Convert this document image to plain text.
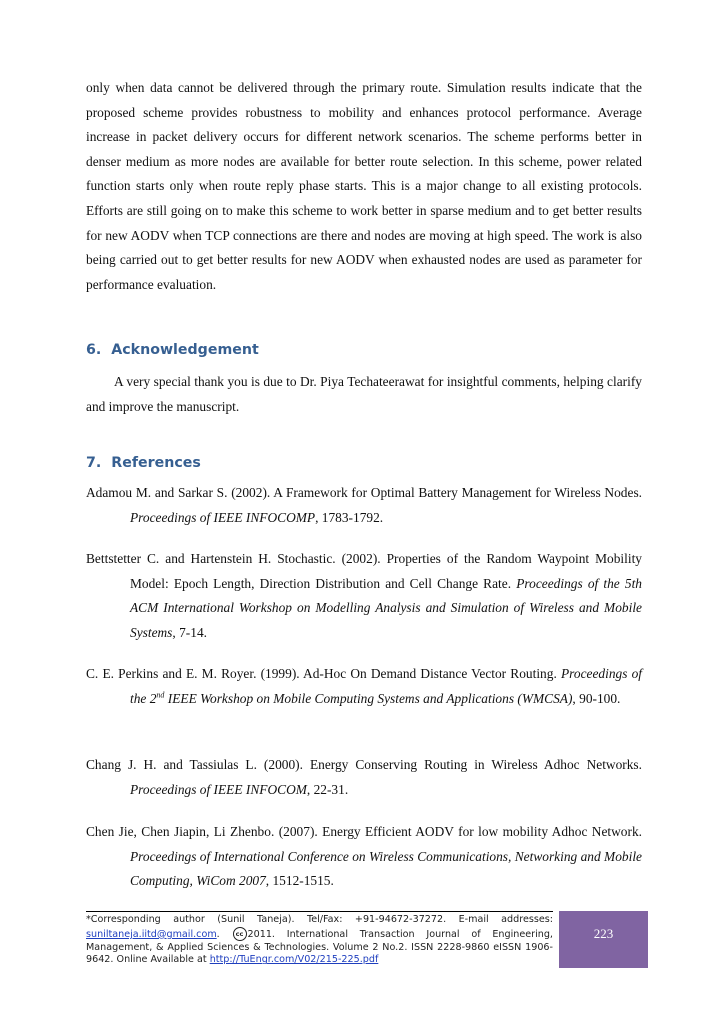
only when data cannot be delivered through the primary route. Simulation results indicate that the proposed scheme provides robustness to mobility and enhances protocol performance. Average increase in packet delivery occurs for different network scenarios. The scheme performs better in denser medium as more nodes are available for better route selection. In this scheme, power related function starts only when route reply phase starts. This is a major change to all existing protocols. Efforts are still going on to make this scheme to work better in sparse medium and to get better results for new AODV when TCP connections are there and nodes are moving at high speed. The work is also being carried out to get better results for new AODV when exhausted nodes are used as parameter for performance evaluation.

6. Acknowledgement

A very special thank you is due to Dr. Piya Techateerawat for insightful comments, helping clarify and improve the manuscript.

7. References

Adamou M. and Sarkar S. (2002). A Framework for Optimal Battery Management for Wireless Nodes. Proceedings of IEEE INFOCOMP, 1783-1792.

Bettstetter C. and Hartenstein H. Stochastic. (2002). Properties of the Random Waypoint Mobility Model: Epoch Length, Direction Distribution and Cell Change Rate. Proceedings of the 5th ACM International Workshop on Modelling Analysis and Simulation of Wireless and Mobile Systems, 7-14.

C. E. Perkins and E. M. Royer. (1999). Ad-Hoc On Demand Distance Vector Routing. Proceedings of the 2nd IEEE Workshop on Mobile Computing Systems and Applications (WMCSA), 90-100.

Chang J. H. and Tassiulas L. (2000). Energy Conserving Routing in Wireless Adhoc Networks. Proceedings of IEEE INFOCOM, 22-31.

Chen Jie, Chen Jiapin, Li Zhenbo. (2007). Energy Efficient AODV for low mobility Adhoc Network. Proceedings of International Conference on Wireless Communications, Networking and Mobile Computing, WiCom 2007, 1512-1515.

*Corresponding author (Sunil Taneja). Tel/Fax: +91-94672-37272. E-mail addresses: suniltaneja.iitd@gmail.com. cc 2011. International Transaction Journal of Engineering, Management, & Applied Sciences & Technologies. Volume 2 No.2. ISSN 2228-9860 eISSN 1906-9642. Online Available at http://TuEngr.com/V02/215-225.pdf
223
